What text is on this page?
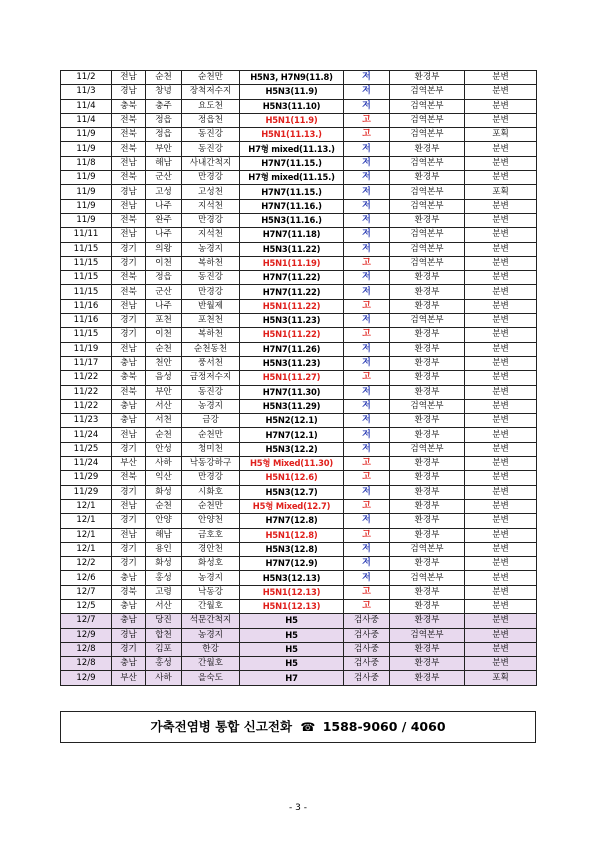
11/2	전남	순천	순천만	H5N3, H7N9(11.8)	저	환경부	분변
11/3	경남	창녕	장척저수지	H5N3(11.9)	저	검역본부	분변
11/4	충북	충주	요도천	H5N3(11.10)	저	검역본부	분변
11/4	전북	정읍	정읍천	H5N1(11.9)	고	검역본부	분변
11/9	전북	정읍	동진강	H5N1(11.13.)	고	검역본부	포획
11/9	전북	부안	동진강	H7형 mixed(11.13.)	저	환경부	분변
11/8	전남	해남	사내간척지	H7N7(11.15.)	저	검역본부	분변
11/9	전북	군산	만경강	H7형 mixed(11.15.)	저	환경부	분변
11/9	경남	고성	고성천	H7N7(11.15.)	저	검역본부	포획
11/9	전남	나주	지석천	H7N7(11.16.)	저	검역본부	분변
11/9	전북	완주	만경강	H5N3(11.16.)	저	환경부	분변
11/11	전남	나주	지석천	H7N7(11.18)	저	검역본부	분변
11/15	경기	의왕	농경지	H5N3(11.22)	저	검역본부	분변
11/15	경기	이천	복하천	H5N1(11.19)	고	검역본부	분변
11/15	전북	정읍	동진강	H7N7(11.22)	저	환경부	분변
11/15	전북	군산	만경강	H7N7(11.22)	저	환경부	분변
11/16	전남	나주	반월제	H5N1(11.22)	고	환경부	분변
11/16	경기	포천	포천천	H5N3(11.23)	저	검역본부	분변
11/15	경기	이천	복하천	H5N1(11.22)	고	환경부	분변
11/19	전남	순천	순천동천	H7N7(11.26)	저	환경부	분변
11/17	충남	천안	풍서천	H5N3(11.23)	저	환경부	분변
11/22	충북	음성	금정저수지	H5N1(11.27)	고	환경부	분변
11/22	전북	부안	동진강	H7N7(11.30)	저	환경부	분변
11/22	충남	서산	농경지	H5N3(11.29)	저	검역본부	분변
11/23	충남	서천	금강	H5N2(12.1)	저	환경부	분변
11/24	전남	순천	순천만	H7N7(12.1)	저	환경부	분변
11/25	경기	안성	청미천	H5N3(12.2)	저	검역본부	분변
11/24	부산	사하	낙동강하구	H5형 Mixed(11.30)	고	환경부	분변
11/29	전북	익산	만경강	H5N1(12.6)	고	환경부	분변
11/29	경기	화성	시화호	H5N3(12.7)	저	환경부	분변
12/1	전남	순천	순천만	H5형 Mixed(12.7)	고	환경부	분변
12/1	경기	안양	안양천	H7N7(12.8)	저	환경부	분변
12/1	전남	해남	금호호	H5N1(12.8)	고	환경부	분변
12/1	경기	용인	경안천	H5N3(12.8)	저	검역본부	분변
12/2	경기	화성	화성호	H7N7(12.9)	저	환경부	분변
12/6	충남	홍성	농경지	H5N3(12.13)	저	검역본부	분변
12/7	경북	고령	낙동강	H5N1(12.13)	고	환경부	분변
12/5	충남	서산	간월호	H5N1(12.13)	고	환경부	분변
12/7	충남	당진	석문간척지	H5	검사중	환경부	분변
12/9	경남	합천	농경지	H5	검사중	검역본부	분변
12/8	경기	김포	한강	H5	검사중	환경부	분변
12/8	충남	홍성	간월호	H5	검사중	환경부	분변
12/9	부산	사하	을숙도	H7	검사중	환경부	포획
가축전염병 통합 신고전화 ☎ 1588-9060 / 4060
- 3 -
